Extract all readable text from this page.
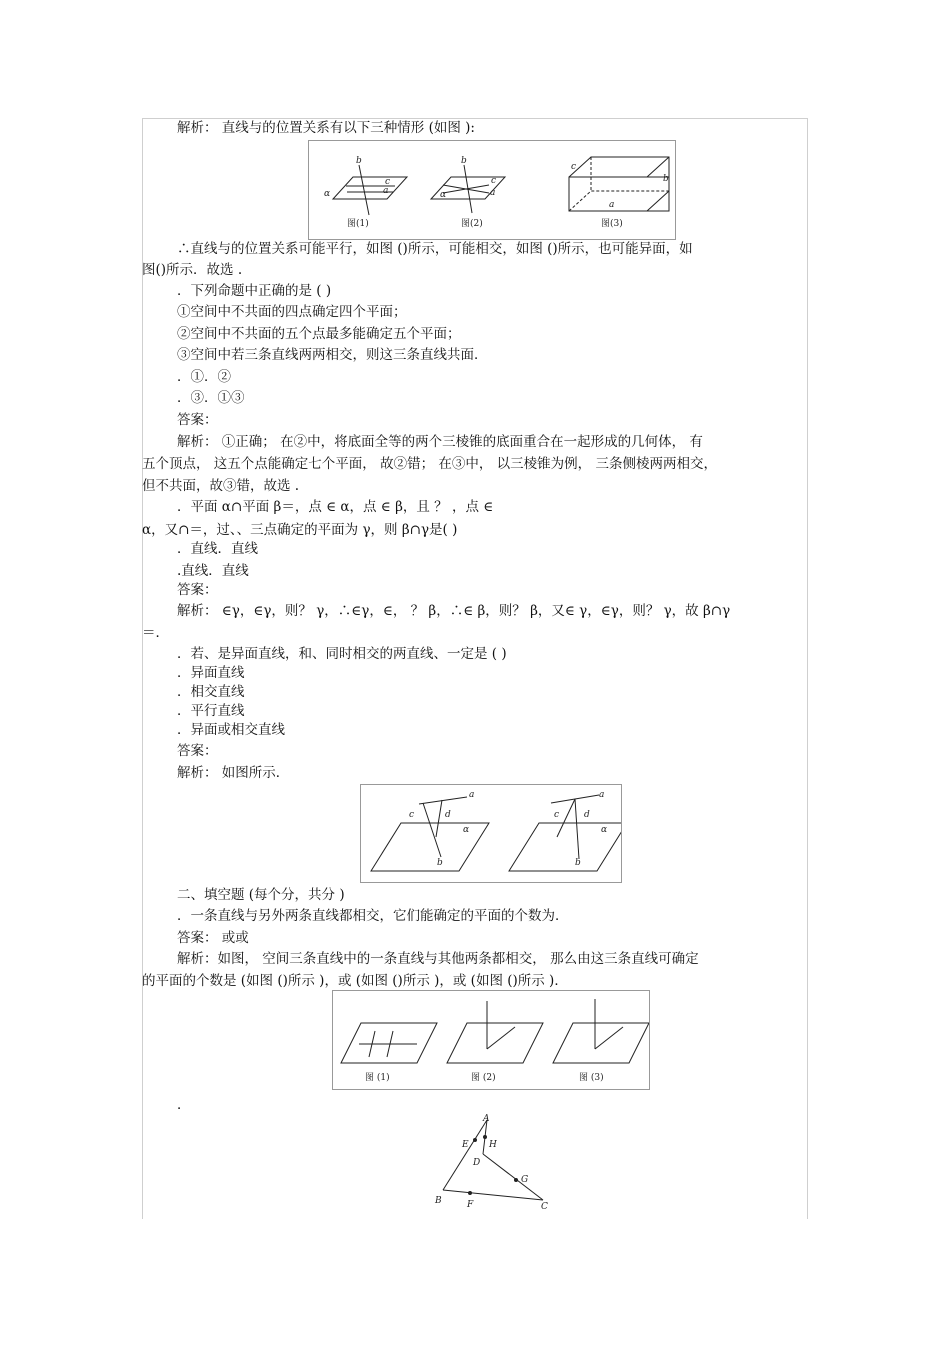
解析： 直线与的位置关系有以下三种情形 (如图 ):
b
c
a
α
b
c
a
α
c
b
a
图(1)	图(2)	图(3)
∴直线与的位置关系可能平行，如图 ()所示，可能相交，如图 ()所示，也可能异面，如
图()所示．故选 .
．下列命题中正确的是 ( )
①空间中不共面的四点确定四个平面；
②空间中不共面的五个点最多能确定五个平面；
③空间中若三条直线两两相交，则这三条直线共面．
．①．②
．③．①③
答案：
解析： ①正确； 在②中，将底面全等的两个三棱锥的底面重合在一起形成的几何体， 有
五个顶点， 这五个点能确定七个平面， 故②错； 在③中， 以三棱锥为例， 三条侧棱两两相交，
但不共面，故③错，故选 .
．平面 α∩平面 β＝，点 ∈ α，点 ∈ β，且 ？ ，点 ∈
α，又∩＝，过、、三点确定的平面为 γ，则 β∩γ是( )
．直线．直线
.直线．直线
答案：
解析： ∈γ，∈γ，则？ γ，∴∈γ，∈， ？ β，∴∈ β，则？ β，又∈ γ，∈γ，则？ γ，故 β∩γ
＝．
．若、是异面直线，和、同时相交的两直线、一定是 ( )
．异面直线
．相交直线
．平行直线
．异面或相交直线
答案：
解析： 如图所示．
a
c	d
α
b
a
c	d
α
b
二、填空题 (每个分，共分 )
．一条直线与另外两条直线都相交，它们能确定的平面的个数为．
答案： 或或
解析：如图， 空间三条直线中的一条直线与其他两条都相交， 那么由这三条直线可确定
的平面的个数是 (如图 ()所示 )，或 (如图 ()所示 )，或 (如图 ()所示 )．
图 (1)	图 (2)	图 (3)
．
A
E H
D
G
B	F	C
